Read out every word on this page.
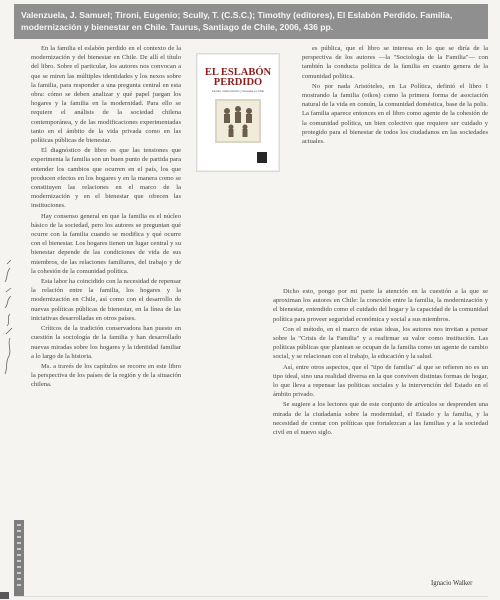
Valenzuela, J. Samuel; Tironi, Eugenio; Scully, T. (C.S.C.); Timothy (editores), El Eslabón Perdido. Familia, modernización y bienestar en Chile. Taurus, Santiago de Chile, 2006, 436 pp.

En la familia el eslabón perdido en el contexto de la modernización y del bienestar en Chile. De allí el título del libro. Sobre el particular, los autores nos convocan a que se miren las múltiples identidades y los nexos sobre la familia, para responder a una pregunta central en esta obra: cómo se deben analizar y qué papel juegan los hogares y la familia en la modernidad. Para ello se requiere el análisis de la sociedad chilena contemporánea, y de las modificaciones experimentadas tanto en el ámbito de la vida privada como en las políticas públicas de bienestar.

El diagnóstico de libro es que las tensiones que experimenta la familia son un buen punto de partida para entender los cambios que ocurren en el país, los que producen efectos en los hogares y en la manera como se constituyen las relaciones en el marco de la modernización y en el bienestar que ofrecen las instituciones.

Hay consenso general en que la familia es el núcleo básico de la sociedad, pero los autores se preguntan qué ocurre con la familia cuando se modifica y qué ocurre con el bienestar. Los hogares tienen un lugar central y su bienestar depende de las condiciones de vida de sus miembros, de las relaciones familiares, del trabajo y de la cohesión de la comunidad política.

Esta labor ha coincidido con la necesidad de repensar la relación entre la familia, los hogares y la modernización en Chile, así como con el desarrollo de nuevas políticas públicas de bienestar, en la línea de las iniciativas desarrolladas en otros países.

Críticos de la tradición conservadora han puesto en cuestión la sociología de la familia y han desarrollado nuevas miradas sobre los hogares y la identidad familiar a lo largo de la historia.

Ms. a través de los capítulos se recorre en este libro la perspectiva de los países de la región y de la situación chilena.

EL ESLABÓN
PERDIDO
Familia, modernización y bienestar en Chile

es pública, que el libro se interesa en lo que se diría de la perspectiva de los autores —la "Sociología de la Familia"— con también la conducta política de la familia en cuanto genera de la comunidad política.

No por nada Aristóteles, en La Política, definió el libro I mostrando la familia (oikos) como la primera forma de asociación natural de la vida en común, la comunidad doméstica, base de la polis. La familia aparece entonces en el libro como agente de la cohesión de la comunidad política, un bien colectivo que requiere ser cuidado y protegido para el bienestar de todos los ciudadanos en las sociedades actuales.

Dicho esto, pongo por mi parte la atención en la cuestión a la que se aproximan los autores en Chile: la conexión entre la familia, la modernización y el bienestar, entendido como el cuidado del hogar y la capacidad de la comunidad política para proveer seguridad económica y social a sus miembros.

Con el método, en el marco de estas ideas, los autores nos invitan a pensar sobre la "Crisis de la Familia" y a reafirmar su valor como institución. Las políticas públicas que plantean se ocupan de la familia como un agente de cambio social, y se relacionan con el trabajo, la educación y la salud.

Así, entre otros aspectos, que el "tipo de familia" al que se refieren no es un tipo ideal, sino una realidad diversa en la que conviven distintas formas de hogar, lo que lleva a repensar las políticas sociales y la intervención del Estado en el ámbito privado.

Se sugiere a los lectores que de este conjunto de artículos se desprenden una mirada de la ciudadanía sobre la modernidad, el Estado y la familia, y la necesidad de contar con políticas que fortalezcan a las familias y a la sociedad civil en el nuevo siglo.

Ignacio Walker
